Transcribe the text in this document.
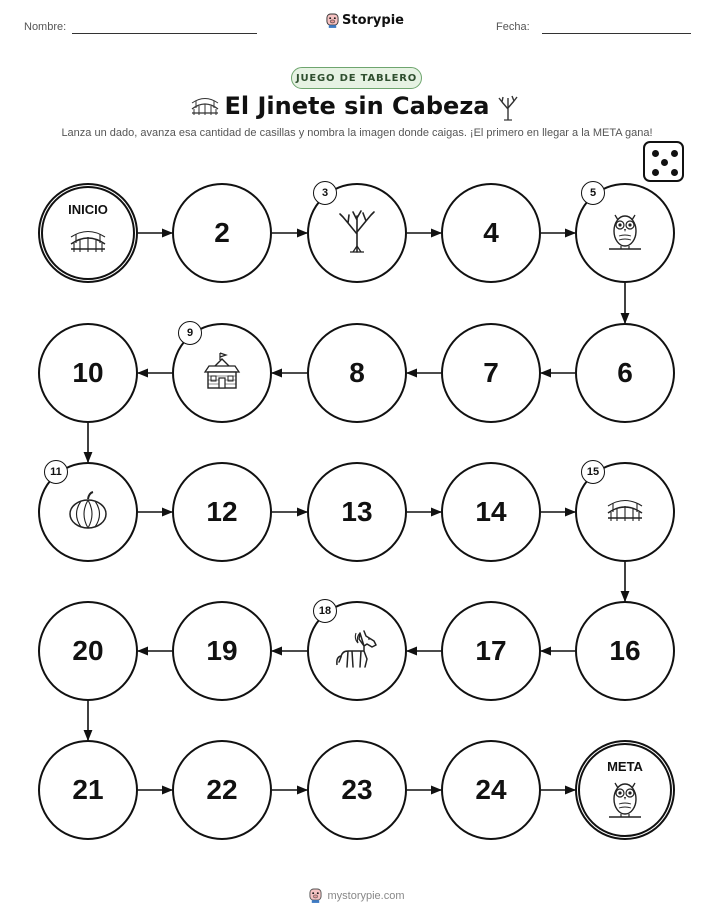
Nombre:	Fecha:
Storypie
JUEGO DE TABLERO
El Jinete sin Cabeza
Lanza un dado, avanza esa cantidad de casillas y nombra la imagen donde caigas. ¡El primero en llegar a la META gana!
INICIO
2
3
4
5
6
7
8
9
10
11
12	13	14
15
16
17
18
19
20
21	22	23	24
META
mystorypie.com
